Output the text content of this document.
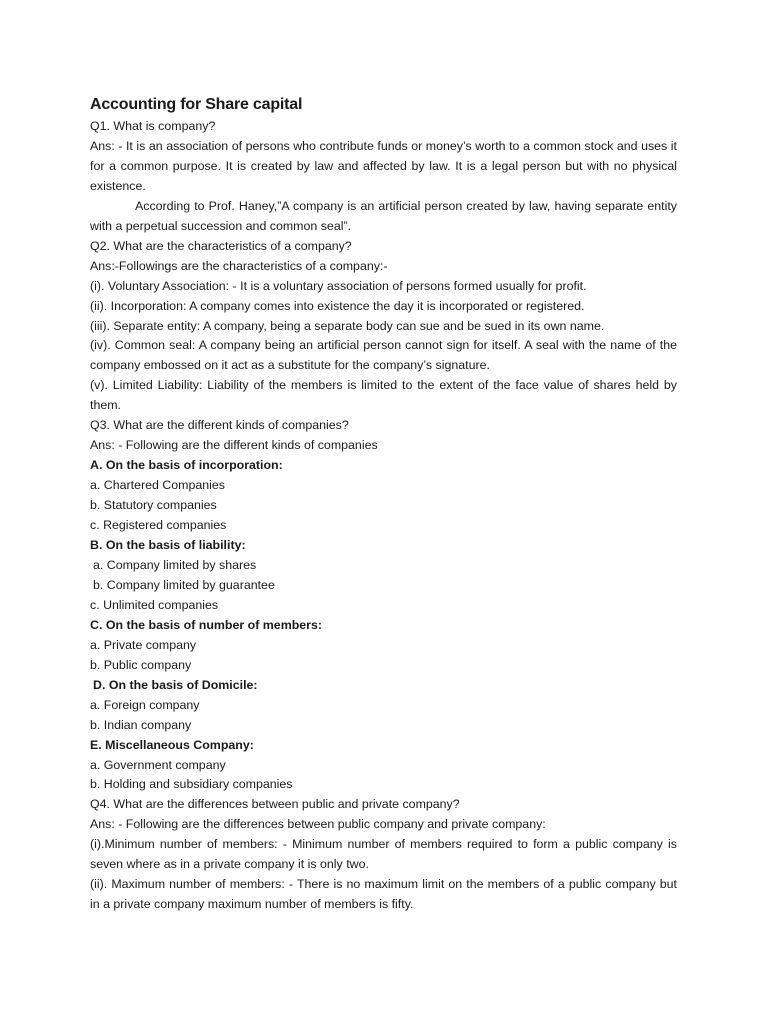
Accounting for Share capital

Q1. What is company?

Ans: - It is an association of persons who contribute funds or money’s worth to a common stock and uses it for a common purpose. It is created by law and affected by law. It is a legal person but with no physical existence.

According to Prof. Haney,”A company is an artificial person created by law, having separate entity with a perpetual succession and common seal”.

Q2. What are the characteristics of a company?

Ans:-Followings are the characteristics of a company:-

(i). Voluntary Association: - It is a voluntary association of persons formed usually for profit.

(ii). Incorporation: A company comes into existence the day it is incorporated or registered.

(iii). Separate entity: A company, being a separate body can sue and be sued in its own name.

(iv). Common seal: A company being an artificial person cannot sign for itself. A seal with the name of the company embossed on it act as a substitute for the company’s signature.

(v). Limited Liability: Liability of the members is limited to the extent of the face value of shares held by them.

Q3. What are the different kinds of companies?

Ans: - Following are the different kinds of companies

A. On the basis of incorporation:

a. Chartered Companies

b. Statutory companies

c. Registered companies

B. On the basis of liability:

a. Company limited by shares

b. Company limited by guarantee

c. Unlimited companies

C. On the basis of number of members:

a. Private company

b. Public company

D. On the basis of Domicile:

a. Foreign company

b. Indian company

E. Miscellaneous Company:

a. Government company

b. Holding and subsidiary companies

Q4. What are the differences between public and private company?

Ans: - Following are the differences between public company and private company:

(i).Minimum number of members: - Minimum number of members required to form a public company is seven where as in a private company it is only two.

(ii). Maximum number of members: - There is no maximum limit on the members of a public company but in a private company maximum number of members is fifty.
